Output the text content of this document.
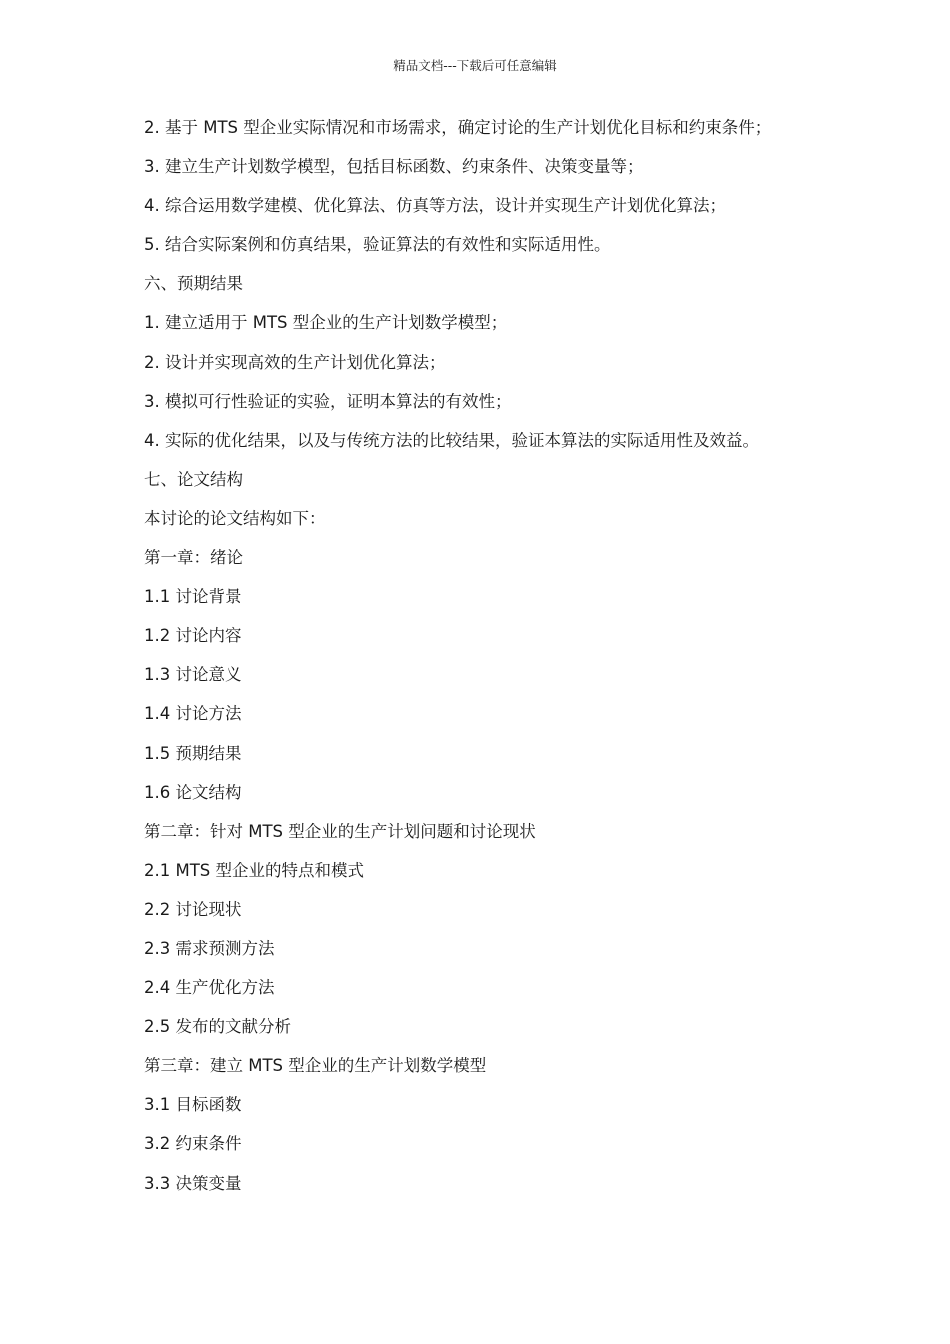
精品文档---下载后可任意编辑
2. 基于 MTS 型企业实际情况和市场需求，确定讨论的生产计划优化目标和约束条件；
3. 建立生产计划数学模型，包括目标函数、约束条件、决策变量等；
4. 综合运用数学建模、优化算法、仿真等方法，设计并实现生产计划优化算法；
5. 结合实际案例和仿真结果，验证算法的有效性和实际适用性。
六、预期结果
1. 建立适用于 MTS 型企业的生产计划数学模型；
2. 设计并实现高效的生产计划优化算法；
3. 模拟可行性验证的实验，证明本算法的有效性；
4. 实际的优化结果，以及与传统方法的比较结果，验证本算法的实际适用性及效益。
七、论文结构
本讨论的论文结构如下：
第一章：绪论
1.1 讨论背景
1.2 讨论内容
1.3 讨论意义
1.4 讨论方法
1.5 预期结果
1.6 论文结构
第二章：针对 MTS 型企业的生产计划问题和讨论现状
2.1 MTS 型企业的特点和模式
2.2 讨论现状
2.3 需求预测方法
2.4 生产优化方法
2.5 发布的文献分析
第三章：建立 MTS 型企业的生产计划数学模型
3.1 目标函数
3.2 约束条件
3.3 决策变量
